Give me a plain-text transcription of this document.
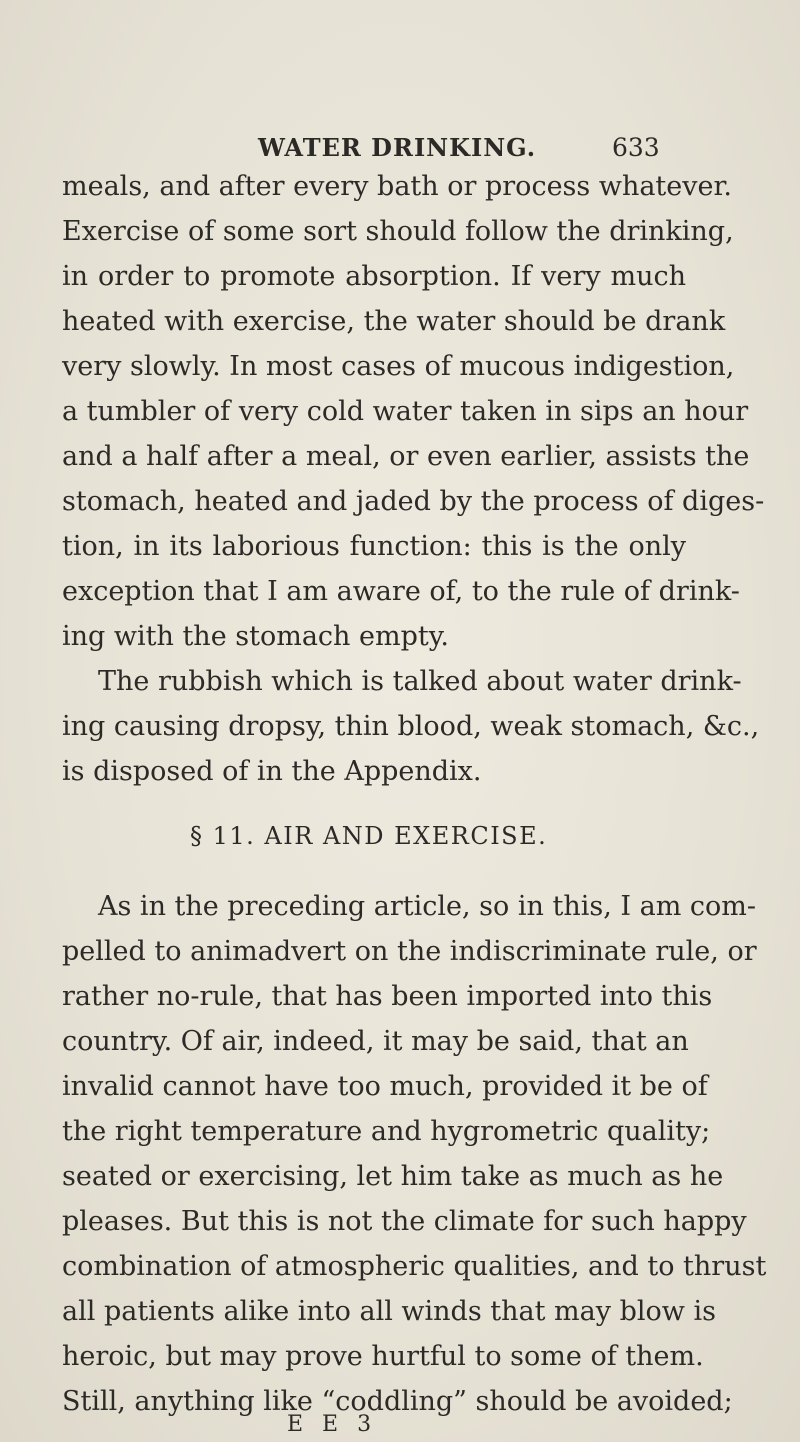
WATER DRINKING.	633
meals, and after every bath or process whatever.
Exercise of some sort should follow the drinking,
in order to promote absorption. If very much
heated with exercise, the water should be drank
very slowly. In most cases of mucous indigestion,
a tumbler of very cold water taken in sips an hour
and a half after a meal, or even earlier, assists the
stomach, heated and jaded by the process of diges-
tion, in its laborious function: this is the only
exception that I am aware of, to the rule of drink-
ing with the stomach empty.
The rubbish which is talked about water drink-
ing causing dropsy, thin blood, weak stomach, &c.,
is disposed of in the Appendix.
§ 11. AIR AND EXERCISE.
As in the preceding article, so in this, I am com-
pelled to animadvert on the indiscriminate rule, or
rather no-rule, that has been imported into this
country. Of air, indeed, it may be said, that an
invalid cannot have too much, provided it be of
the right temperature and hygrometric quality;
seated or exercising, let him take as much as he
pleases. But this is not the climate for such happy
combination of atmospheric qualities, and to thrust
all patients alike into all winds that may blow is
heroic, but may prove hurtful to some of them.
Still, anything like “coddling” should be avoided;
E E 3
